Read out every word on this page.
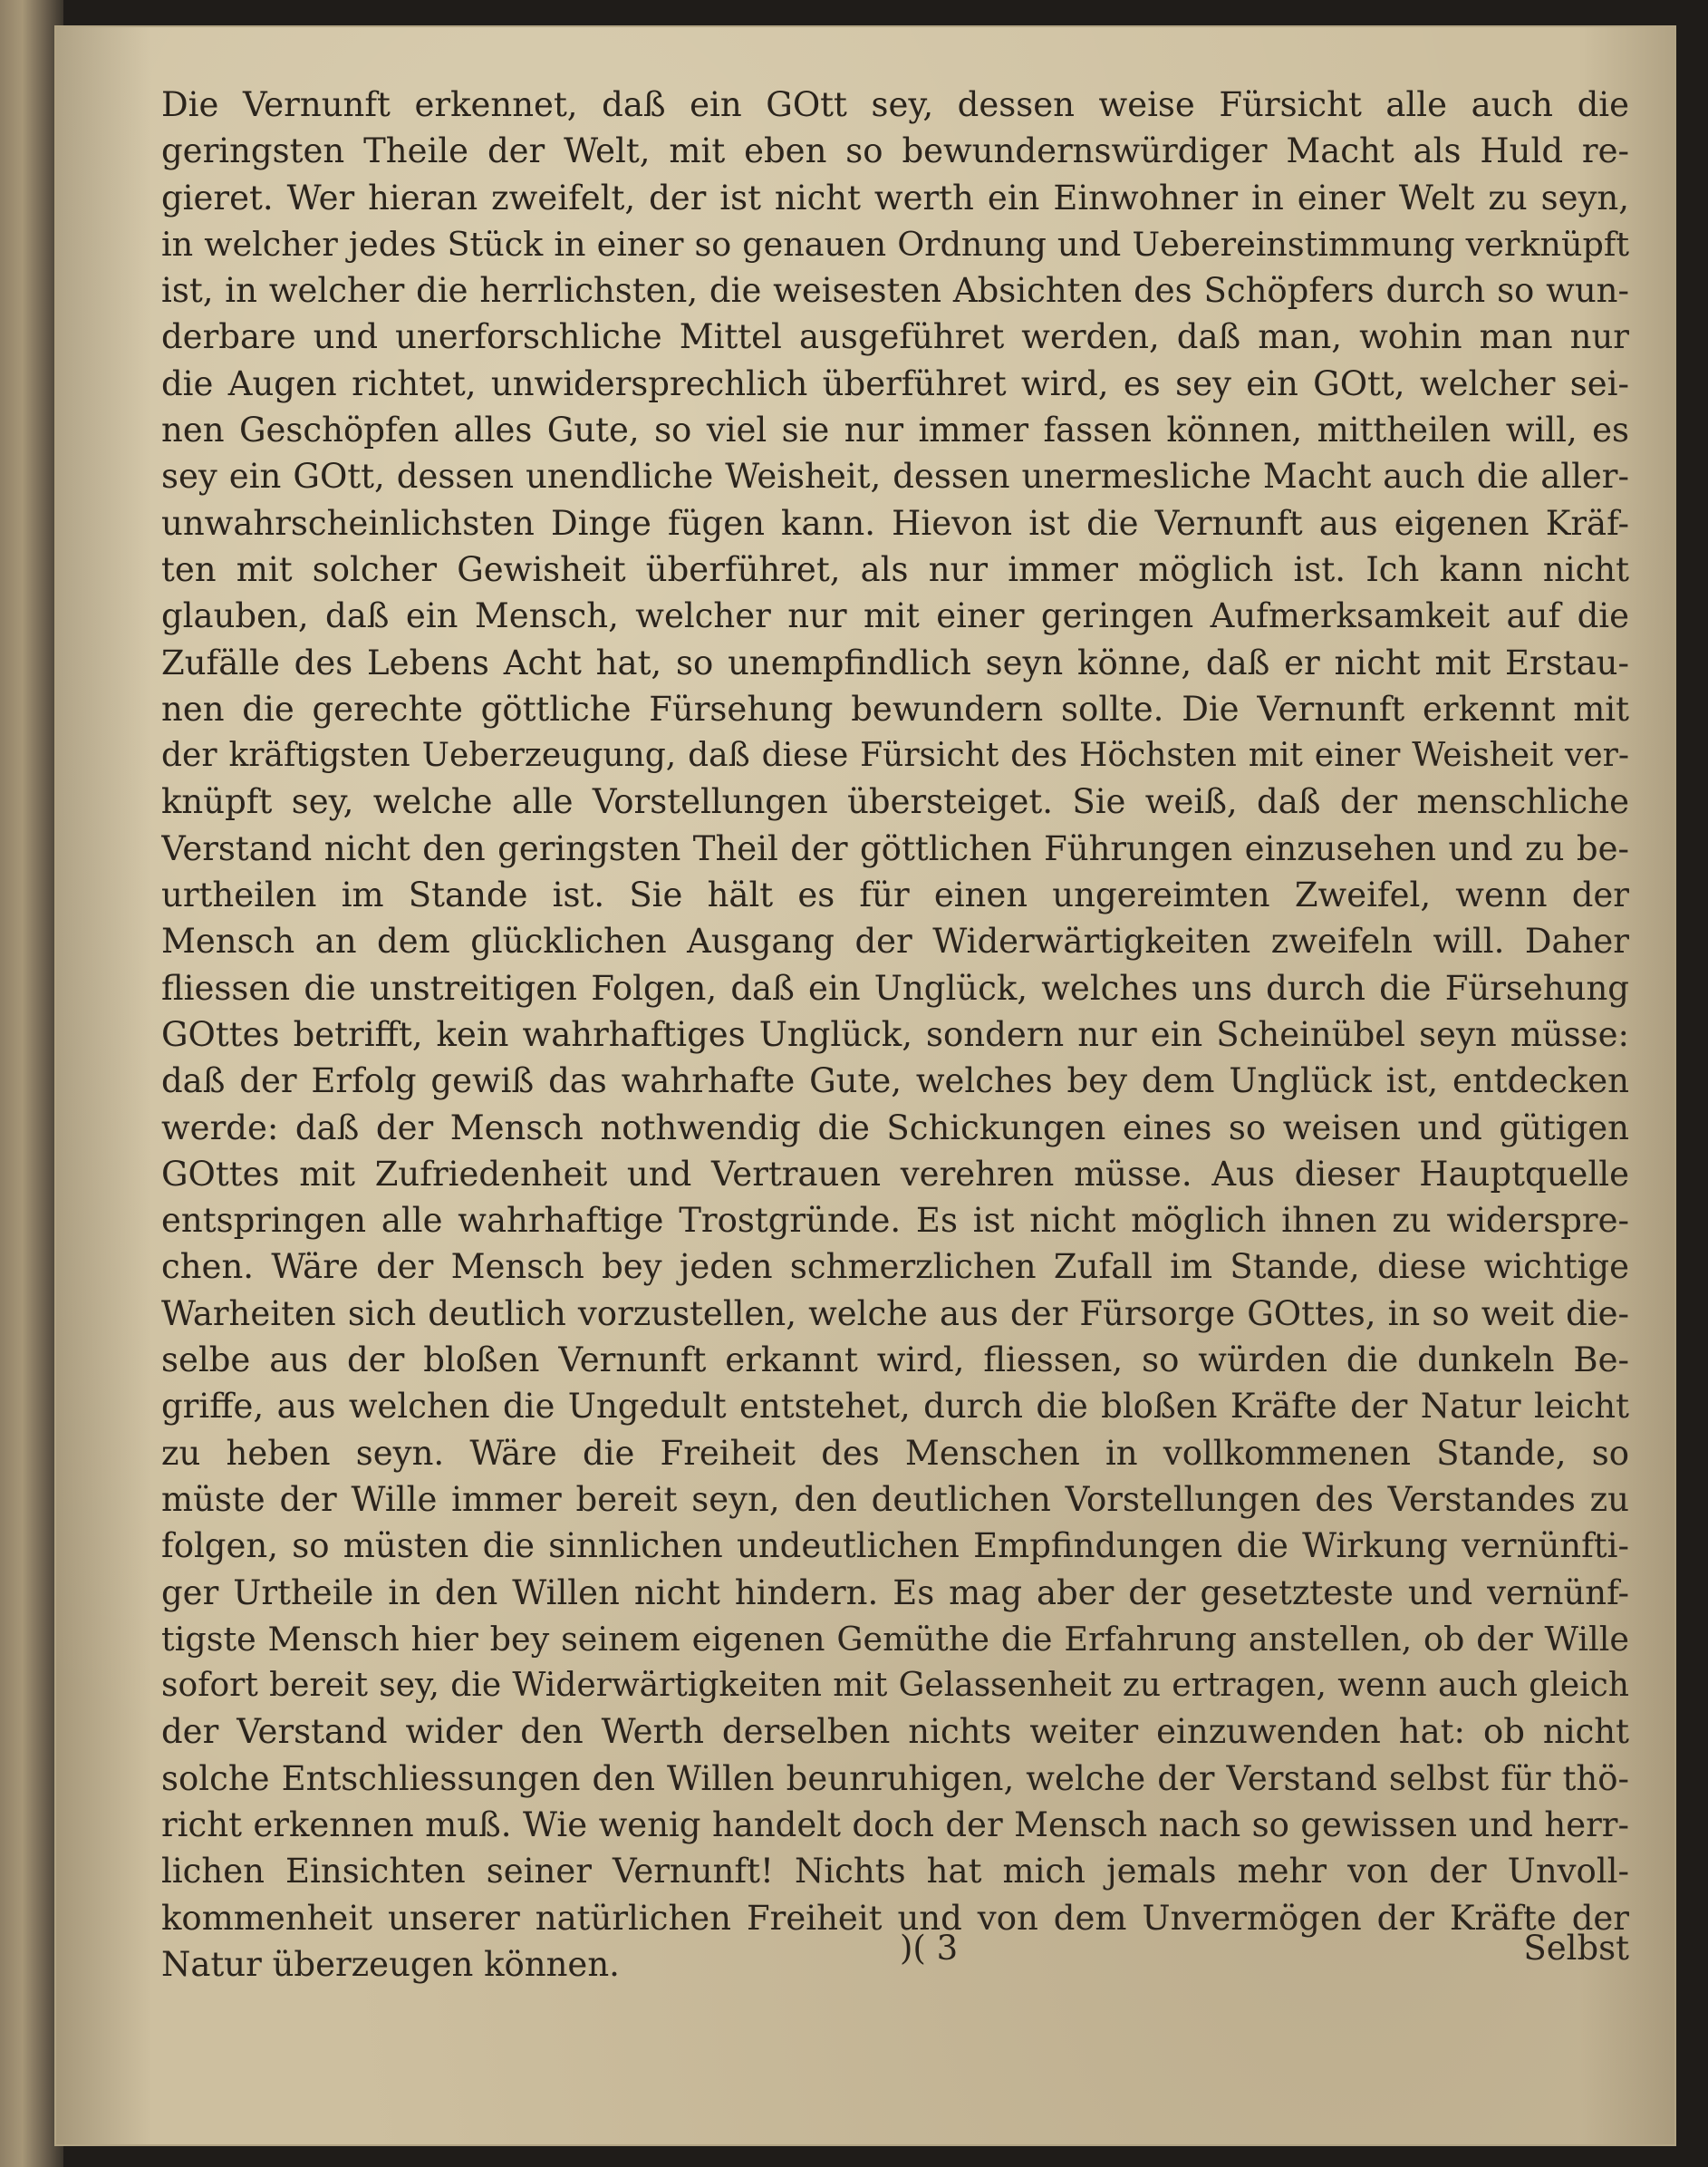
Die Vernunft erkennet, daß ein GOtt sey, dessen weise Fürsicht alle auch die
geringsten Theile der Welt, mit eben so bewundernswürdiger Macht als Huld re-
gieret. Wer hieran zweifelt, der ist nicht werth ein Einwohner in einer Welt zu seyn,
in welcher jedes Stück in einer so genauen Ordnung und Uebereinstimmung verknüpft
ist, in welcher die herrlichsten, die weisesten Absichten des Schöpfers durch so wun-
derbare und unerforschliche Mittel ausgeführet werden, daß man, wohin man nur
die Augen richtet, unwidersprechlich überführet wird, es sey ein GOtt, welcher sei-
nen Geschöpfen alles Gute, so viel sie nur immer fassen können, mittheilen will, es
sey ein GOtt, dessen unendliche Weisheit, dessen unermesliche Macht auch die aller-
unwahrscheinlichsten Dinge fügen kann. Hievon ist die Vernunft aus eigenen Kräf-
ten mit solcher Gewisheit überführet, als nur immer möglich ist. Ich kann nicht
glauben, daß ein Mensch, welcher nur mit einer geringen Aufmerksamkeit auf die
Zufälle des Lebens Acht hat, so unempfindlich seyn könne, daß er nicht mit Erstau-
nen die gerechte göttliche Fürsehung bewundern sollte. Die Vernunft erkennt mit
der kräftigsten Ueberzeugung, daß diese Fürsicht des Höchsten mit einer Weisheit ver-
knüpft sey, welche alle Vorstellungen übersteiget. Sie weiß, daß der menschliche
Verstand nicht den geringsten Theil der göttlichen Führungen einzusehen und zu be-
urtheilen im Stande ist. Sie hält es für einen ungereimten Zweifel, wenn der
Mensch an dem glücklichen Ausgang der Widerwärtigkeiten zweifeln will. Daher
fliessen die unstreitigen Folgen, daß ein Unglück, welches uns durch die Fürsehung
GOttes betrifft, kein wahrhaftiges Unglück, sondern nur ein Scheinübel seyn müsse:
daß der Erfolg gewiß das wahrhafte Gute, welches bey dem Unglück ist, entdecken
werde: daß der Mensch nothwendig die Schickungen eines so weisen und gütigen
GOttes mit Zufriedenheit und Vertrauen verehren müsse. Aus dieser Hauptquelle
entspringen alle wahrhaftige Trostgründe. Es ist nicht möglich ihnen zu widerspre-
chen. Wäre der Mensch bey jeden schmerzlichen Zufall im Stande, diese wichtige
Warheiten sich deutlich vorzustellen, welche aus der Fürsorge GOttes, in so weit die-
selbe aus der bloßen Vernunft erkannt wird, fliessen, so würden die dunkeln Be-
griffe, aus welchen die Ungedult entstehet, durch die bloßen Kräfte der Natur leicht
zu heben seyn. Wäre die Freiheit des Menschen in vollkommenen Stande, so
müste der Wille immer bereit seyn, den deutlichen Vorstellungen des Verstandes zu
folgen, so müsten die sinnlichen undeutlichen Empfindungen die Wirkung vernünfti-
ger Urtheile in den Willen nicht hindern. Es mag aber der gesetzteste und vernünf-
tigste Mensch hier bey seinem eigenen Gemüthe die Erfahrung anstellen, ob der Wille
sofort bereit sey, die Widerwärtigkeiten mit Gelassenheit zu ertragen, wenn auch gleich
der Verstand wider den Werth derselben nichts weiter einzuwenden hat: ob nicht
solche Entschliessungen den Willen beunruhigen, welche der Verstand selbst für thö-
richt erkennen muß. Wie wenig handelt doch der Mensch nach so gewissen und herr-
lichen Einsichten seiner Vernunft! Nichts hat mich jemals mehr von der Unvoll-
kommenheit unserer natürlichen Freiheit und von dem Unvermögen der Kräfte der
Natur überzeugen können.	)( 3	Selbst
